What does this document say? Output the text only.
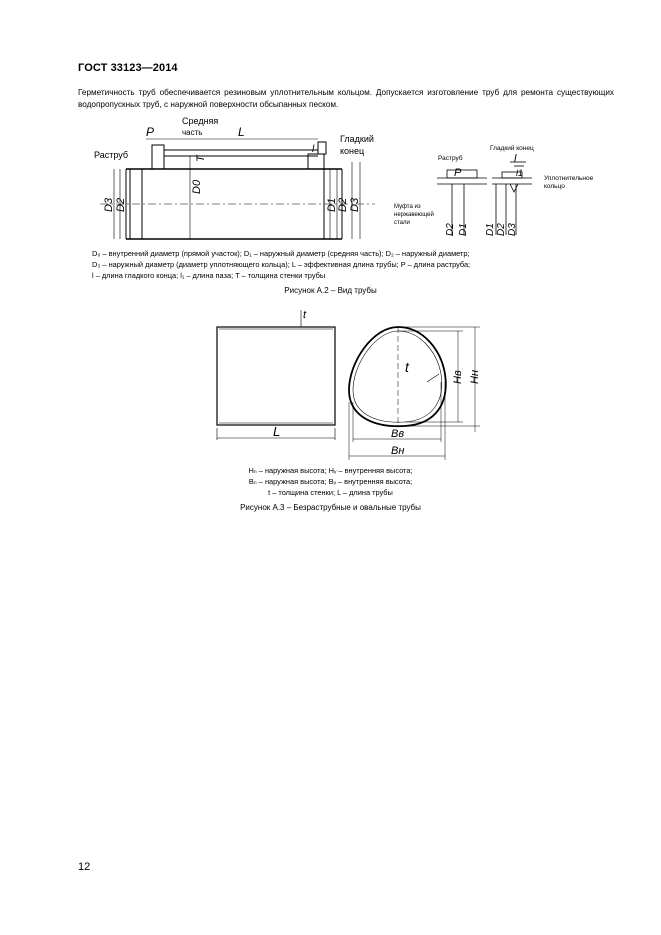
ГОСТ 33123—2014
Герметичность труб обеспечивается резиновым уплотнительным кольцом. Допускается изготовление труб для ремонта существующих водопропускных труб, с наружной поверхности обсыпанных песком.
Средняя
часть
Раструб
Гладкий
конец
P	L
T
l
D0
D3 D2	D1 D2 D3
Гладкий конец
Раструб
Уплотнительное
кольцо
Муфта из
нержавеющей
стали
P
l
l1
D2 D1 D1 D2 D3
D₀ – внутренний диаметр (прямой участок); D₁ – наружный диаметр (средняя часть); D₂ – наружный диаметр;
D₃ – наружный диаметр (диаметр уплотняющего кольца); L – эффективная длина трубы; P – длина раструба;
l – длина гладкого конца; l₁ – длина паза; T – толщина стенки трубы
Рисунок А.2 – Вид трубы
t
L
t
Hв Hн
Bв
Bн
Hₙ – наружная высота; Hᵥ – внутренняя высота;
Bₙ – наружная высота; Bᵥ – внутренняя высота;
t – толщина стенки; L – длина трубы
Рисунок А.3 – Безраструбные и овальные трубы
12
